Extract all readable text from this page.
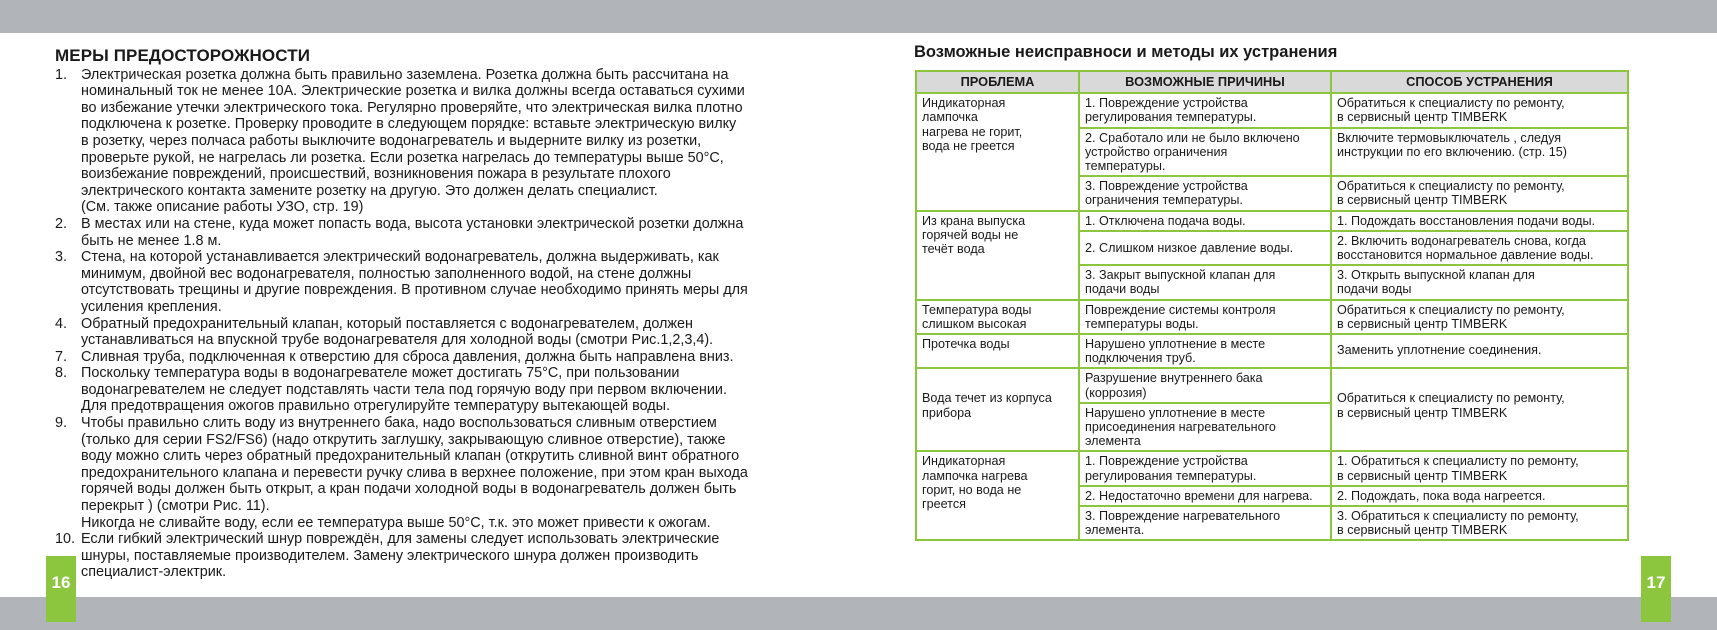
16	17
МЕРЫ ПРЕДОСТОРОЖНОСТИ
1. Электрическая розетка должна быть правильно заземлена. Розетка должна быть рассчитана на
номинальный ток не менее 10А. Электрические розетка и вилка должны всегда оставаться сухими
во избежание утечки электрического тока. Регулярно проверяйте, что электрическая вилка плотно
подключена к розетке. Проверку проводите в следующем порядке: вставьте электрическую вилку
в розетку, через полчаса работы выключите водонагреватель и выдерните вилку из розетки,
проверьте рукой, не нагрелась ли розетка. Если розетка нагрелась до температуры выше 50°С,
воизбежание повреждений, происшествий, возникновения пожара в результате плохого
электрического контакта замените розетку на другую. Это должен делать специалист.
(См. также описание работы УЗО, стр. 19)
2. В местах или на стене, куда может попасть вода, высота установки электрической розетки должна
быть не менее 1.8 м.
3. Стена, на которой устанавливается электрический водонагреватель, должна выдерживать, как
минимум, двойной вес водонагревателя, полностью заполненного водой, на стене должны
отсутствовать трещины и другие повреждения. В противном случае необходимо принять меры для
усиления крепления.
4. Обратный предохранительный клапан, который поставляется с водонагревателем, должен
устанавливаться на впускной трубе водонагревателя для холодной воды (смотри Рис.1,2,3,4).
7. Сливная труба, подключенная к отверстию для сброса давления, должна быть направлена вниз.
8. Поскольку температура воды в водонагревателе может достигать 75°С, при пользовании
водонагревателем не следует подставлять части тела под горячую воду при первом включении.
Для предотвращения ожогов правильно отрегулируйте температуру вытекающей воды.
9. Чтобы правильно слить воду из внутреннего бака, надо воспользоваться сливным отверстием
(только для серии FS2/FS6) (надо открутить заглушку, закрывающую сливное отверстие), также
воду можно слить через обратный предохранительный клапан (открутить сливной винт обратного
предохранительного клапана и перевести ручку слива в верхнее положение, при этом кран выхода
горячей воды должен быть открыт, а кран подачи холодной воды в водонагреватель должен быть
перекрыт ) (смотри Рис. 11).
Никогда не сливайте воду, если ее температура выше 50°С, т.к. это может привести к ожогам.
10. Если гибкий электрический шнур повреждён, для замены следует использовать электрические
шнуры, поставляемые производителем. Замену электрического шнура должен производить
специалист-электрик.
Возможные неисправноси и методы их устранения
ПРОБЛЕМА	ВОЗМОЖНЫЕ ПРИЧИНЫ	СПОСОБ УСТРАНЕНИЯ

Индикаторная
лампочка
нагрева не горит,
вода не греется	1. Повреждение устройства
регулирования температуры.	Обратиться к специалисту по ремонту,
в сервисный центр TIMBERK

	2. Сработало или не было включено
устройство ограничения
температуры.	Включите термовыключатель , следуя
инструкции по его включению. (стр. 15)

	3. Повреждение устройства
ограничения температуры.	Обратиться к специалисту по ремонту,
в сервисный центр TIMBERK

Из крана выпуска
горячей воды не
течёт вода	1. Отключена подача воды.	1. Подождать восстановления подачи воды.

	2. Слишком низкое давление воды.	2. Включить водонагреватель снова, когда
восстановится нормальное давление воды.

	3. Закрыт выпускной клапан для
подачи воды	3. Открыть выпускной клапан для
подачи воды

Температура воды
слишком высокая	Повреждение системы контроля
температуры воды.	Обратиться к специалисту по ремонту,
в сервисный центр TIMBERK

Протечка воды	Нарушено уплотнение в месте
подключения труб.	Заменить уплотнение соединения.

Вода течет из корпуса
прибора	Разрушение внутреннего бака
(коррозия)	Обратиться к специалисту по ремонту,
в сервисный центр TIMBERK

	Нарушено уплотнение в месте
присоединения нагревательного
элемента	

Индикаторная
лампочка нагрева
горит, но вода не
греется	1. Повреждение устройства
регулирования температуры.	1. Обратиться к специалисту по ремонту,
в сервисный центр TIMBERK

	2. Недостаточно времени для нагрева.	2. Подождать, пока вода нагреется.

	3. Повреждение нагревательного
элемента.	3. Обратиться к специалисту по ремонту,
в сервисный центр TIMBERK
